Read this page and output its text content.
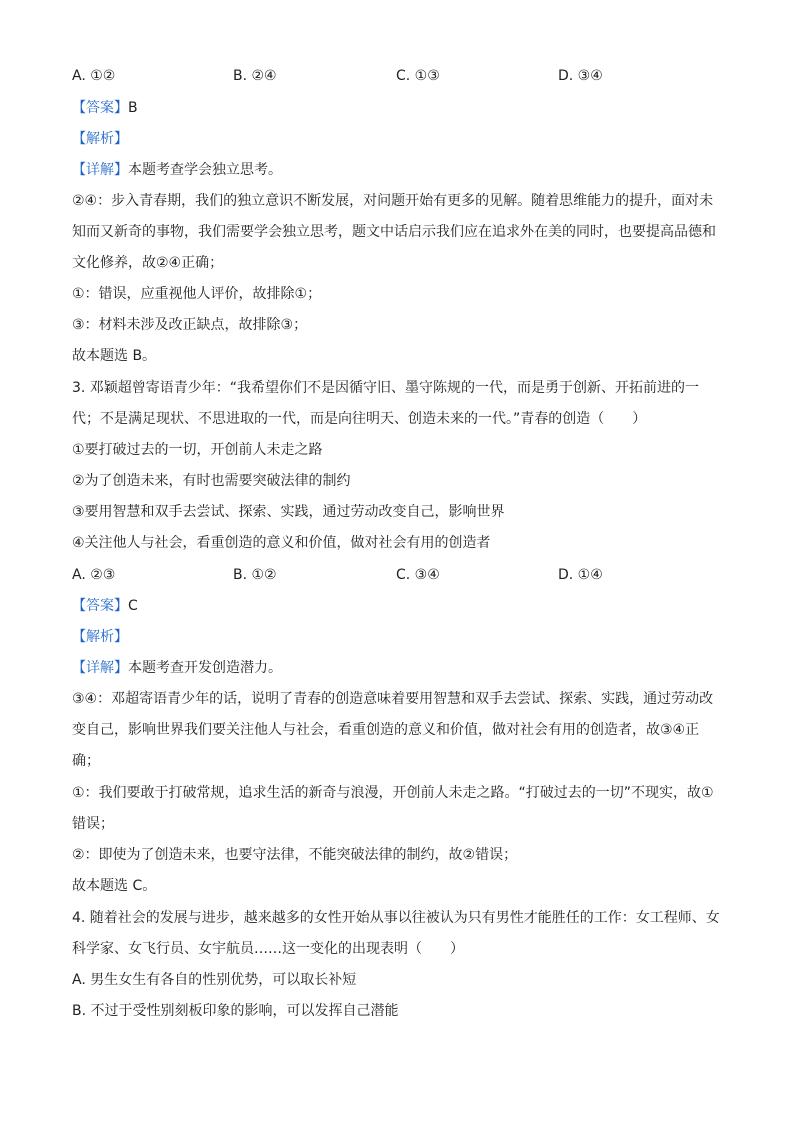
A. ①②	B. ②④	C. ①③	D. ③④
【答案】B
【解析】
【详解】本题考查学会独立思考。
②④：步入青春期，我们的独立意识不断发展，对问题开始有更多的见解。随着思维能力的提升，面对未
知而又新奇的事物，我们需要学会独立思考，题文中话启示我们应在追求外在美的同时，也要提高品德和
文化修养，故②④正确；
①：错误，应重视他人评价，故排除①；
③：材料未涉及改正缺点，故排除③；
故本题选 B。
3. 邓颖超曾寄语青少年：“我希望你们不是因循守旧、墨守陈规的一代，而是勇于创新、开拓前进的一
代；不是满足现状、不思进取的一代，而是向往明天、创造未来的一代。”青春的创造（　　）
①要打破过去的一切，开创前人未走之路
②为了创造未来，有时也需要突破法律的制约
③要用智慧和双手去尝试、探索、实践，通过劳动改变自己，影响世界
④关注他人与社会，看重创造的意义和价值，做对社会有用的创造者
A. ②③	B. ①②	C. ③④	D. ①④
【答案】C
【解析】
【详解】本题考查开发创造潜力。
③④：邓超寄语青少年的话，说明了青春的创造意味着要用智慧和双手去尝试、探索、实践，通过劳动改
变自己，影响世界我们要关注他人与社会，看重创造的意义和价值，做对社会有用的创造者，故③④正
确；
①：我们要敢于打破常规，追求生活的新奇与浪漫，开创前人未走之路。“打破过去的一切”不现实，故①
错误；
②：即使为了创造未来，也要守法律，不能突破法律的制约，故②错误；
故本题选 C。
4. 随着社会的发展与进步，越来越多的女性开始从事以往被认为只有男性才能胜任的工作：女工程师、女
科学家、女飞行员、女宇航员……这一变化的出现表明（　　）
A. 男生女生有各自的性别优势，可以取长补短
B. 不过于受性别刻板印象的影响，可以发挥自己潜能
